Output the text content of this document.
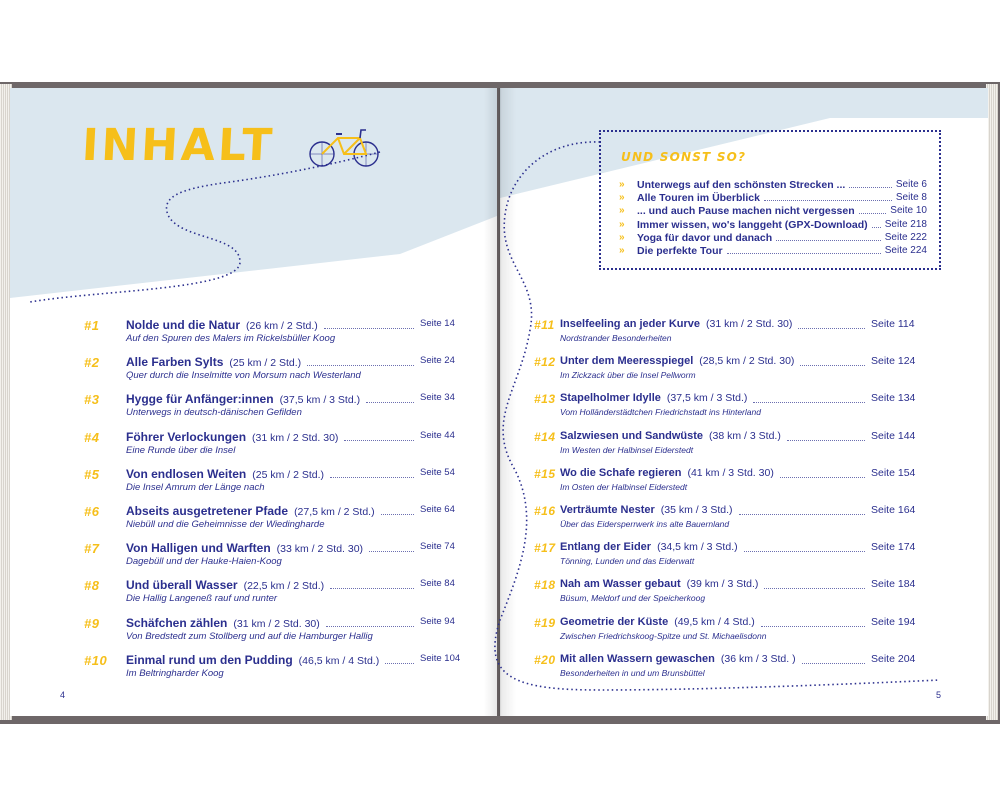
INHALT
#1 Nolde und die Natur (26 km / 2 Std.)	Seite 14
Auf den Spuren des Malers im Rickelsbüller Koog
#2 Alle Farben Sylts (25 km / 2 Std.)	Seite 24
Quer durch die Inselmitte von Morsum nach Westerland
#3 Hygge für Anfänger:innen (37,5 km / 3 Std.)	Seite 34
Unterwegs in deutsch-dänischen Gefilden
#4 Föhrer Verlockungen (31 km / 2 Std. 30)	Seite 44
Eine Runde über die Insel
#5 Von endlosen Weiten (25 km / 2 Std.)	Seite 54
Die Insel Amrum der Länge nach
#6 Abseits ausgetretener Pfade (27,5 km / 2 Std.)	Seite 64
Niebüll und die Geheimnisse der Wiedingharde
#7 Von Halligen und Warften (33 km / 2 Std. 30)	Seite 74
Dagebüll und der Hauke-Haien-Koog
#8 Und überall Wasser (22,5 km / 2 Std.)	Seite 84
Die Hallig Langeneß rauf und runter
#9 Schäfchen zählen (31 km / 2 Std. 30)	Seite 94
Von Bredstedt zum Stollberg und auf die Hamburger Hallig
#10 Einmal rund um den Pudding (46,5 km / 4 Std.)	Seite 104
Im Beltringharder Koog
#11 Inselfeeling an jeder Kurve (31 km / 2 Std. 30)	Seite 114
Nordstrander Besonderheiten
#12 Unter dem Meeresspiegel (28,5 km / 2 Std. 30)	Seite 124
Im Zickzack über die Insel Pellworm
#13 Stapelholmer Idylle (37,5 km / 3 Std.)	Seite 134
Vom Holländerstädtchen Friedrichstadt ins Hinterland
#14 Salzwiesen und Sandwüste (38 km / 3 Std.)	Seite 144
Im Westen der Halbinsel Eiderstedt
#15 Wo die Schafe regieren (41 km / 3 Std. 30)	Seite 154
Im Osten der Halbinsel Eiderstedt
#16 Verträumte Nester (35 km / 3 Std.)	Seite 164
Über das Eidersperrwerk ins alte Bauernland
#17 Entlang der Eider (34,5 km / 3 Std.)	Seite 174
Tönning, Lunden und das Eiderwatt
#18 Nah am Wasser gebaut (39 km / 3 Std.)	Seite 184
Büsum, Meldorf und der Speicherkoog
#19 Geometrie der Küste (49,5 km / 4 Std.)	Seite 194
Zwischen Friedrichskoog-Spitze und St. Michaelisdonn
#20 Mit allen Wassern gewaschen (36 km / 3 Std. )	Seite 204
Besonderheiten in und um Brunsbüttel
UND SONST SO?
» Unterwegs auf den schönsten Strecken ...	Seite 6
» Alle Touren im Überblick	Seite 8
» ... und auch Pause machen nicht vergessen	Seite 10
» Immer wissen, wo's langgeht (GPX-Download) Seite 218
» Yoga für davor und danach	Seite 222
» Die perfekte Tour	Seite 224
4	5
